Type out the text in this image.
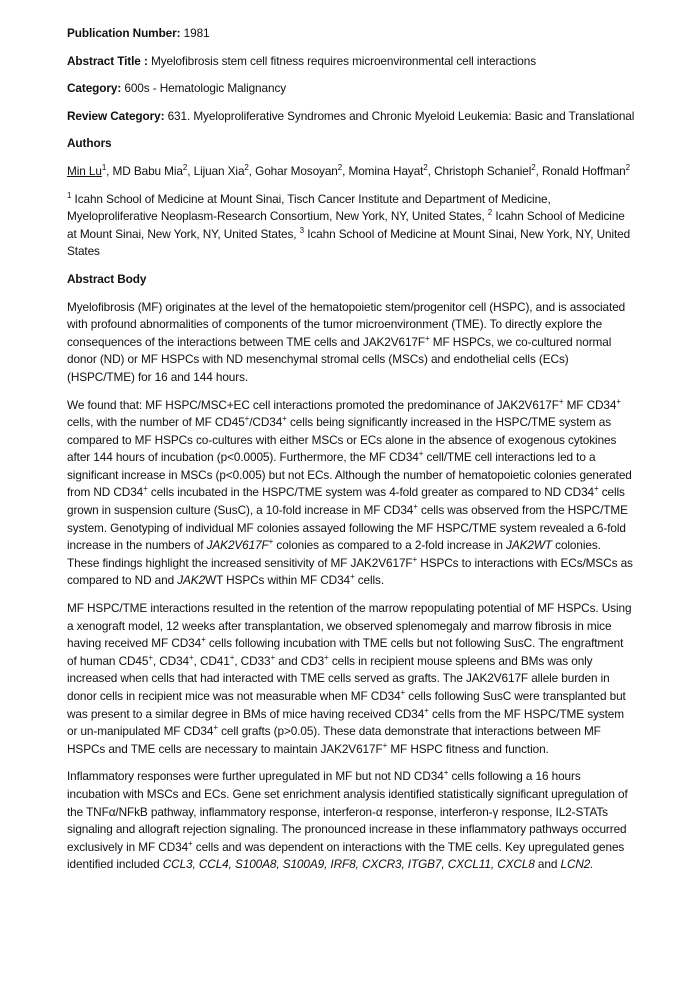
Publication Number: 1981
Abstract Title : Myelofibrosis stem cell fitness requires microenvironmental cell interactions
Category: 600s - Hematologic Malignancy
Review Category: 631. Myeloproliferative Syndromes and Chronic Myeloid Leukemia: Basic and Translational
Authors
Min Lu$^1$, MD Babu Mia$^2$, Lijuan Xia$^2$, Gohar Mosoyan$^2$, Momina Hayat$^2$, Christoph Schaniel$^2$, Ronald Hoffman$^2$
$^1$ Icahn School of Medicine at Mount Sinai, Tisch Cancer Institute and Department of Medicine, Myeloproliferative Neoplasm-Research Consortium, New York, NY, United States, $^2$ Icahn School of Medicine at Mount Sinai, New York, NY, United States, $^3$ Icahn School of Medicine at Mount Sinai, New York, NY, United States
Abstract Body
Myelofibrosis (MF) originates at the level of the hematopoietic stem/progenitor cell (HSPC), and is associated with profound abnormalities of components of the tumor microenvironment (TME). To directly explore the consequences of the interactions between TME cells and JAK2V617F+ MF HSPCs, we co-cultured normal donor (ND) or MF HSPCs with ND mesenchymal stromal cells (MSCs) and endothelial cells (ECs) (HSPC/TME) for 16 and 144 hours.
We found that: MF HSPC/MSC+EC cell interactions promoted the predominance of JAK2V617F+ MF CD34+ cells, with the number of MF CD45+/CD34+ cells being significantly increased in the HSPC/TME system as compared to MF HSPCs co-cultures with either MSCs or ECs alone in the absence of exogenous cytokines after 144 hours of incubation (p<0.0005). Furthermore, the MF CD34+ cell/TME cell interactions led to a significant increase in MSCs (p<0.005) but not ECs. Although the number of hematopoietic colonies generated from ND CD34+ cells incubated in the HSPC/TME system was 4-fold greater as compared to ND CD34+ cells grown in suspension culture (SusC), a 10-fold increase in MF CD34+ cells was observed from the HSPC/TME system. Genotyping of individual MF colonies assayed following the MF HSPC/TME system revealed a 6-fold increase in the numbers of JAK2V617F+ colonies as compared to a 2-fold increase in JAK2WT colonies. These findings highlight the increased sensitivity of MF JAK2V617F+ HSPCs to interactions with ECs/MSCs as compared to ND and JAK2WT HSPCs within MF CD34+ cells.
MF HSPC/TME interactions resulted in the retention of the marrow repopulating potential of MF HSPCs. Using a xenograft model, 12 weeks after transplantation, we observed splenomegaly and marrow fibrosis in mice having received MF CD34+ cells following incubation with TME cells but not following SusC. The engraftment of human CD45+, CD34+, CD41+, CD33+ and CD3+ cells in recipient mouse spleens and BMs was only increased when cells that had interacted with TME cells served as grafts. The JAK2V617F allele burden in donor cells in recipient mice was not measurable when MF CD34+ cells following SusC were transplanted but was present to a similar degree in BMs of mice having received CD34+ cells from the MF HSPC/TME system or un-manipulated MF CD34+ cell grafts (p>0.05). These data demonstrate that interactions between MF HSPCs and TME cells are necessary to maintain JAK2V617F+ MF HSPC fitness and function.
Inflammatory responses were further upregulated in MF but not ND CD34+ cells following a 16 hours incubation with MSCs and ECs. Gene set enrichment analysis identified statistically significant upregulation of the TNFα/NFkB pathway, inflammatory response, interferon-α response, interferon-γ response, IL2-STATs signaling and allograft rejection signaling. The pronounced increase in these inflammatory pathways occurred exclusively in MF CD34+ cells and was dependent on interactions with the TME cells. Key upregulated genes identified included CCL3, CCL4, S100A8, S100A9, IRF8, CXCR3, ITGB7, CXCL11, CXCL8 and LCN2.
